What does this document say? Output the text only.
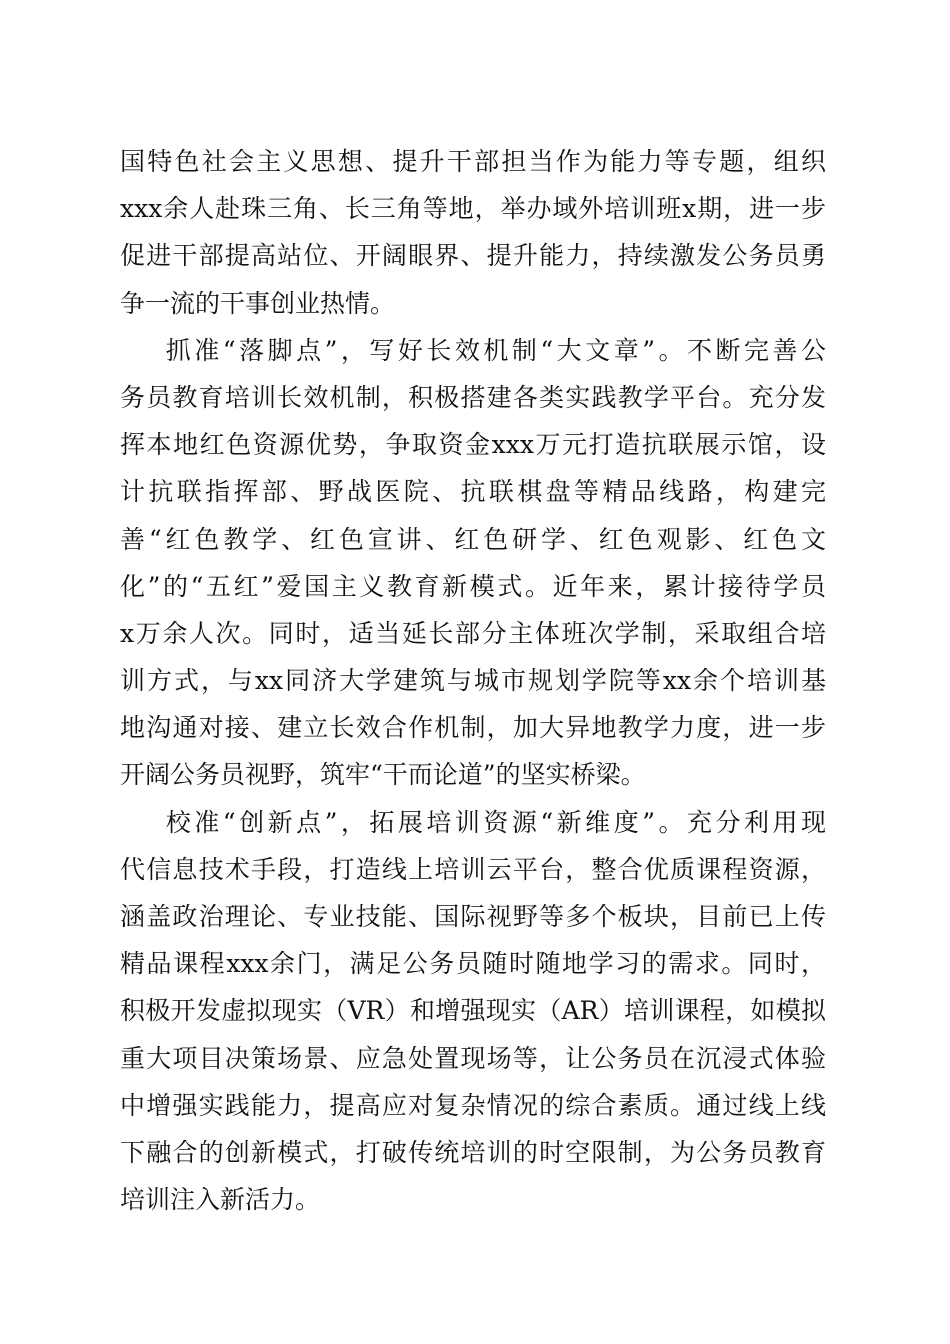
国特色社会主义思想、提升干部担当作为能力等专题，组织
xxx余人赴珠三角、长三角等地，举办域外培训班x期，进一步
促进干部提高站位、开阔眼界、提升能力，持续激发公务员勇
争一流的干事创业热情。
抓准“落脚点”，写好长效机制“大文章”。不断完善公
务员教育培训长效机制，积极搭建各类实践教学平台。充分发
挥本地红色资源优势，争取资金xxx万元打造抗联展示馆，设
计抗联指挥部、野战医院、抗联棋盘等精品线路，构建完
善“红色教学、红色宣讲、红色研学、红色观影、红色文
化”的“五红”爱国主义教育新模式。近年来，累计接待学员
x万余人次。同时，适当延长部分主体班次学制，采取组合培
训方式，与xx同济大学建筑与城市规划学院等xx余个培训基
地沟通对接、建立长效合作机制，加大异地教学力度，进一步
开阔公务员视野，筑牢“干而论道”的坚实桥梁。
校准“创新点”，拓展培训资源“新维度”。充分利用现
代信息技术手段，打造线上培训云平台，整合优质课程资源，
涵盖政治理论、专业技能、国际视野等多个板块，目前已上传
精品课程xxx余门，满足公务员随时随地学习的需求。同时，
积极开发虚拟现实（VR）和增强现实（AR）培训课程，如模拟
重大项目决策场景、应急处置现场等，让公务员在沉浸式体验
中增强实践能力，提高应对复杂情况的综合素质。通过线上线
下融合的创新模式，打破传统培训的时空限制，为公务员教育
培训注入新活力。
